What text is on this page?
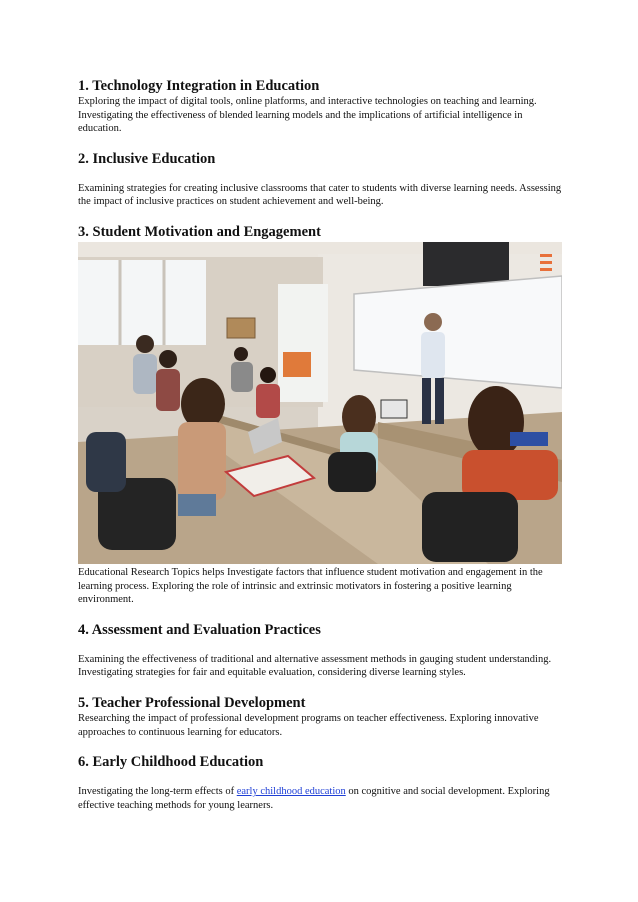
1. Technology Integration in Education

Exploring the impact of digital tools, online platforms, and interactive technologies on teaching and learning. Investigating the effectiveness of blended learning models and the implications of artificial intelligence in education.

2. Inclusive Education

Examining strategies for creating inclusive classrooms that cater to students with diverse learning needs. Assessing the impact of inclusive practices on student achievement and well-being.

3. Student Motivation and Engagement

Educational Research Topics helps Investigate factors that influence student motivation and engagement in the learning process. Exploring the role of intrinsic and extrinsic motivators in fostering a positive learning environment.

4. Assessment and Evaluation Practices

Examining the effectiveness of traditional and alternative assessment methods in gauging student understanding. Investigating strategies for fair and equitable evaluation, considering diverse learning styles.

5. Teacher Professional Development

Researching the impact of professional development programs on teacher effectiveness. Exploring innovative approaches to continuous learning for educators.

6. Early Childhood Education

Investigating the long-term effects of early childhood education on cognitive and social development. Exploring effective teaching methods for young learners.
